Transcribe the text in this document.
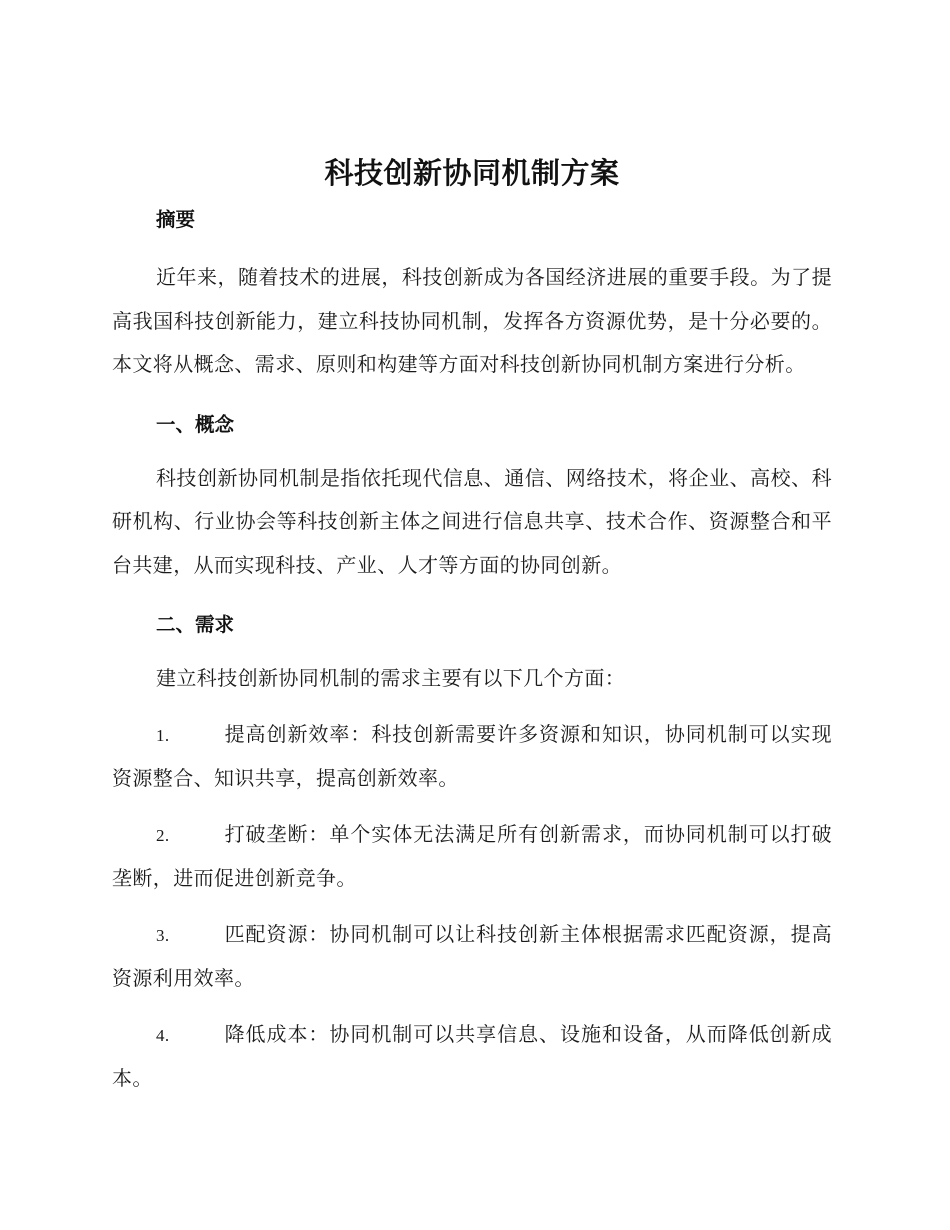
科技创新协同机制方案
摘要

近年来，随着技术的进展，科技创新成为各国经济进展的重要手段。为了提高我国科技创新能力，建立科技协同机制，发挥各方资源优势，是十分必要的。本文将从概念、需求、原则和构建等方面对科技创新协同机制方案进行分析。

一、概念

科技创新协同机制是指依托现代信息、通信、网络技术，将企业、高校、科研机构、行业协会等科技创新主体之间进行信息共享、技术合作、资源整合和平台共建，从而实现科技、产业、人才等方面的协同创新。

二、需求

建立科技创新协同机制的需求主要有以下几个方面：

1.	提高创新效率：科技创新需要许多资源和知识，协同机制可以实现资源整合、知识共享，提高创新效率。
2.	打破垄断：单个实体无法满足所有创新需求，而协同机制可以打破垄断，进而促进创新竞争。
3.	匹配资源：协同机制可以让科技创新主体根据需求匹配资源，提高资源利用效率。
4.	降低成本：协同机制可以共享信息、设施和设备，从而降低创新成本。
